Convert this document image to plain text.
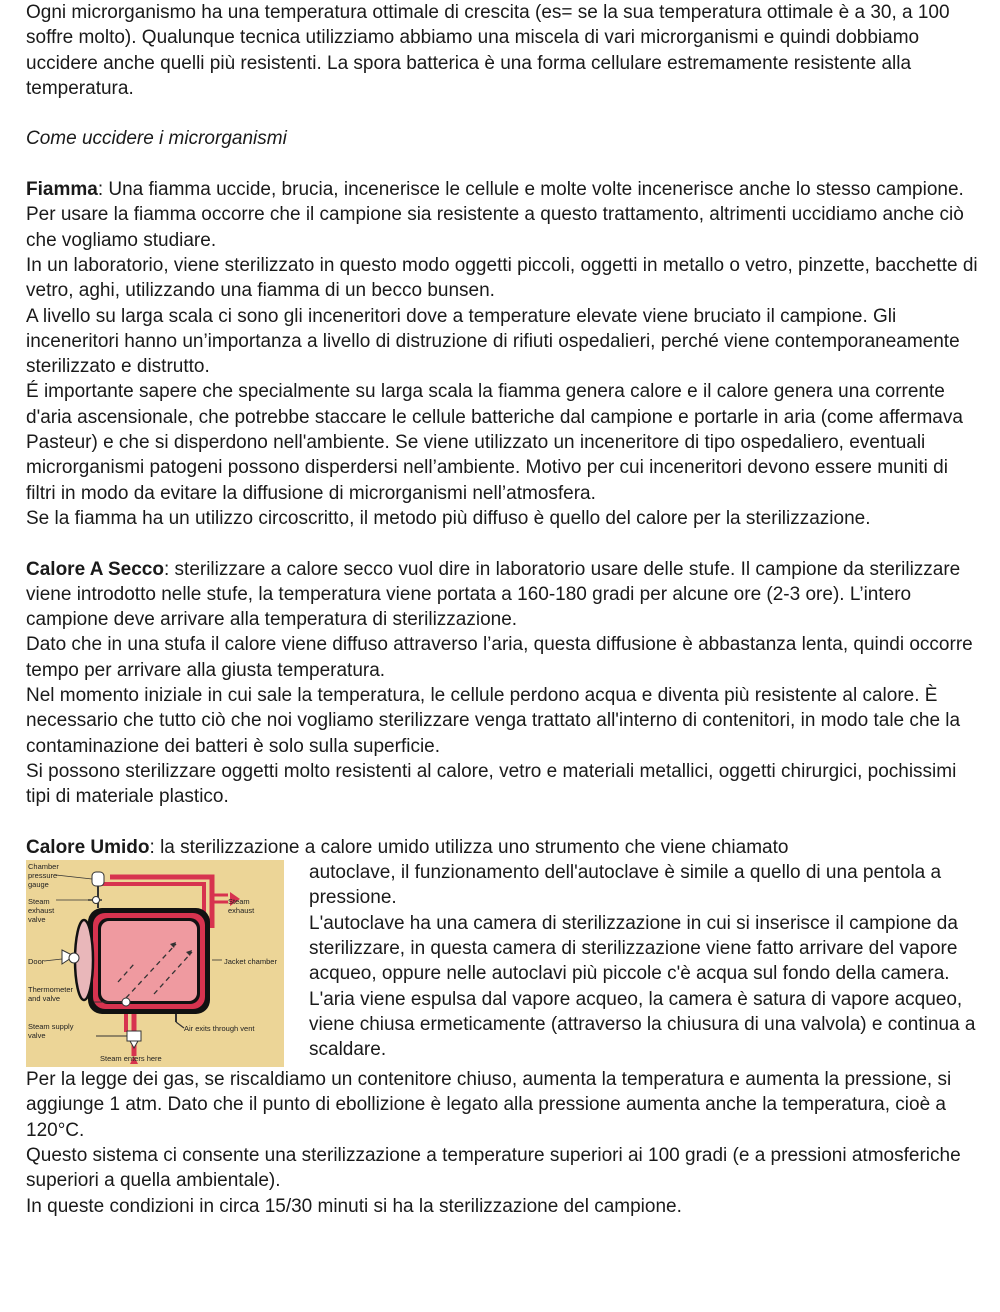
Ogni microrganismo ha una temperatura ottimale di crescita (es= se la sua temperatura ottimale è a 30, a 100 soffre molto). Qualunque tecnica utilizziamo abbiamo una miscela di vari microrganismi e quindi dobbiamo uccidere anche quelli più resistenti. La spora batterica è una forma cellulare estremamente resistente alla temperatura.

Come uccidere i microrganismi

Fiamma: Una fiamma uccide, brucia, incenerisce le cellule e molte volte incenerisce anche lo stesso campione. Per usare la fiamma occorre che il campione sia resistente a questo trattamento, altrimenti uccidiamo anche ciò che vogliamo studiare.

In un laboratorio, viene sterilizzato in questo modo oggetti piccoli, oggetti in metallo o vetro, pinzette, bacchette di vetro, aghi, utilizzando una fiamma di un becco bunsen.

A livello su larga scala ci sono gli inceneritori dove a temperature elevate viene bruciato il campione. Gli inceneritori hanno un’importanza a livello di distruzione di rifiuti ospedalieri, perché viene contemporaneamente sterilizzato e distrutto.

É importante sapere che specialmente su larga scala la fiamma genera calore e il calore genera una corrente d'aria ascensionale, che potrebbe staccare le cellule batteriche dal campione e portarle in aria (come affermava Pasteur) e che si disperdono nell'ambiente. Se viene utilizzato un inceneritore di tipo ospedaliero, eventuali microrganismi patogeni possono disperdersi nell’ambiente. Motivo per cui inceneritori devono essere muniti di filtri in modo da evitare la diffusione di microrganismi nell’atmosfera.

Se la fiamma ha un utilizzo circoscritto, il metodo più diffuso è quello del calore per la sterilizzazione.

Calore A Secco: sterilizzare a calore secco vuol dire in laboratorio usare delle stufe. Il campione da sterilizzare viene introdotto nelle stufe, la temperatura viene portata a 160-180 gradi per alcune ore (2-3 ore). L’intero campione deve arrivare alla temperatura di sterilizzazione.

Dato che in una stufa il calore viene diffuso attraverso l’aria, questa diffusione è abbastanza lenta, quindi occorre tempo per arrivare alla giusta temperatura.

Nel momento iniziale in cui sale la temperatura, le cellule perdono acqua e diventa più resistente al calore. È necessario che tutto ciò che noi vogliamo sterilizzare venga trattato all'interno di contenitori, in modo tale che la contaminazione dei batteri è solo sulla superficie.

Si possono sterilizzare oggetti molto resistenti al calore, vetro e materiali metallici, oggetti chirurgici, pochissimi tipi di materiale plastico.

Calore Umido: la sterilizzazione a calore umido utilizza uno strumento che viene chiamato

Chamber
pressure
gauge
Steam
exhaust
valve
Steam
exhaust
Door	Jacket chamber
Thermometer
and valve
Air exits through vent
Steam supply
valve
Steam enters here

autoclave, il funzionamento dell'autoclave è simile a quello di una pentola a pressione.

L'autoclave ha una camera di sterilizzazione in cui si inserisce il campione da sterilizzare, in questa camera di sterilizzazione viene fatto arrivare del vapore acqueo, oppure nelle autoclavi più piccole c'è acqua sul fondo della camera. L'aria viene espulsa dal vapore acqueo, la camera è satura di vapore acqueo, viene chiusa ermeticamente (attraverso la chiusura di una valvola) e continua a scaldare.

Per la legge dei gas, se riscaldiamo un contenitore chiuso, aumenta la temperatura e aumenta la pressione, si aggiunge 1 atm. Dato che il punto di ebollizione è legato alla pressione aumenta anche la temperatura, cioè a 120°C.

Questo sistema ci consente una sterilizzazione a temperature superiori ai 100 gradi (e a pressioni atmosferiche superiori a quella ambientale).

In queste condizioni in circa 15/30 minuti si ha la sterilizzazione del campione.
